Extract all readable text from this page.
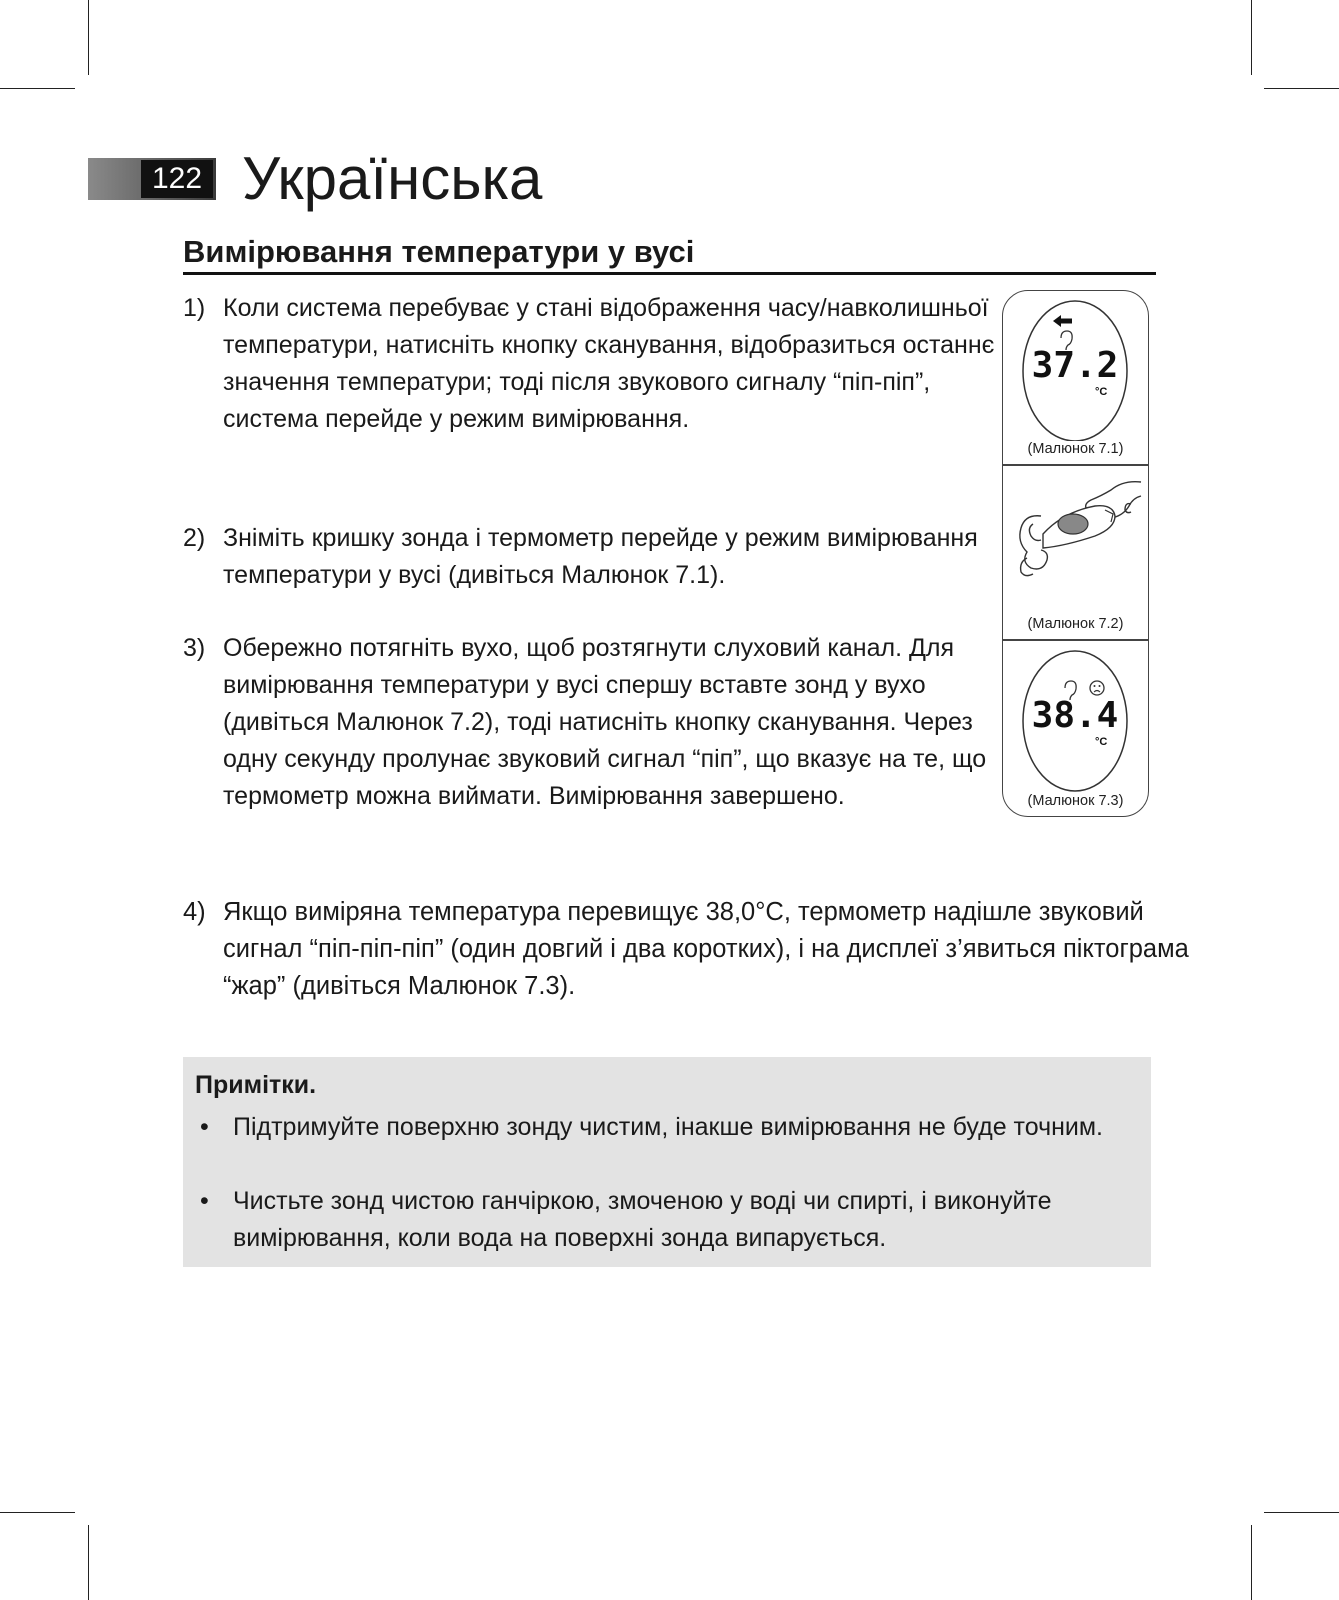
122 Українська
Вимірювання температури у вусі
1) Коли система перебуває у стані відображення часу/навколишньої температури, натисніть кнопку сканування, відобразиться останнє значення температури; тоді після звукового сигналу “піп-піп”, система перейде у режим вимірювання.
2) Зніміть кришку зонда і термометр перейде у режим вимірювання температури у вусі (дивіться Малюнок 7.1).
3) Обережно потягніть вухо, щоб розтягнути слуховий канал. Для вимірювання температури у вусі спершу вставте зонд у вухо (дивіться Малюнок 7.2), тоді натисніть кнопку сканування. Через одну секунду пролунає звуковий сигнал “піп”, що вказує на те, що термометр можна виймати. Вимірювання завершено.
4) Якщо виміряна температура перевищує 38,0°C, термометр надішле звуковий сигнал “піп-піп-піп” (один довгий і два коротких), і на дисплеї з’явиться піктограма “жар” (дивіться Малюнок 7.3).
37.2
°C
(Малюнок 7.1)
(Малюнок 7.2)
38.4
°C
(Малюнок 7.3)
Примітки.
• Підтримуйте поверхню зонду чистим, інакше вимірювання не буде точним.
• Чистьте зонд чистою ганчіркою, змоченою у воді чи спирті, і виконуйте вимірювання, коли вода на поверхні зонда випарується.
